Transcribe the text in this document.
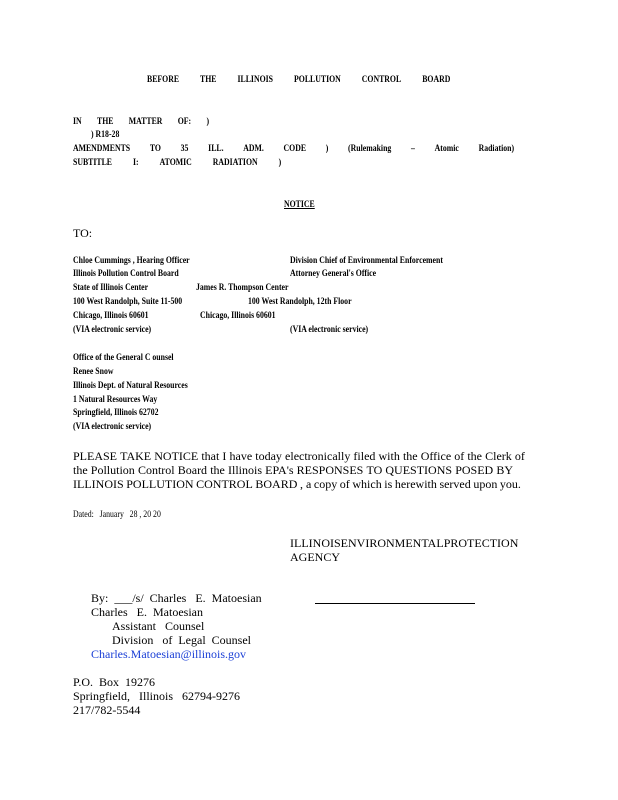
BEFORE THE ILLINOIS POLLUTION CONTROL BOARD
IN THE MATTER OF: )
) R18-28
AMENDMENTS TO 35 ILL. ADM. CODE ) (Rulemaking – Atomic Radiation)
SUBTITLE I: ATOMIC RADIATION )
NOTICE
TO:
Chloe Cummings , Hearing Officer
Illinois Pollution Control Board
State of Illinois Center
100 West Randolph, Suite 11-500
Chicago, Illinois 60601
(VIA electronic service)
Division Chief of Environmental Enforcement
Attorney General's Office
James R. Thompson Center
100 West Randolph, 12th Floor
Chicago, Illinois 60601
(VIA electronic service)
Office of the General C ounsel
Renee Snow
Illinois Dept. of Natural Resources
1 Natural Resources Way
Springfield, Illinois 62702
(VIA electronic service)
PLEASE TAKE NOTICE that I have today electronically filed with the Office of the Clerk of
the Pollution Control Board the Illinois EPA's RESPONSES TO QUESTIONS POSED BY
ILLINOIS POLLUTION CONTROL BOARD , a copy of which is herewith served upon you.
Dated:   January   28 , 20 20
ILLINOIS ENVIRONMENTAL PROTECTION
AGENCY
By:  ___/s/  Charles   E.  Matoesian
Charles   E.  Matoesian
Assistant   Counsel
Division   of  Legal  Counsel
Charles.Matoesian@illinois.gov
P.O.  Box  19276
Springfield,   Illinois   62794-9276
217/782-5544
